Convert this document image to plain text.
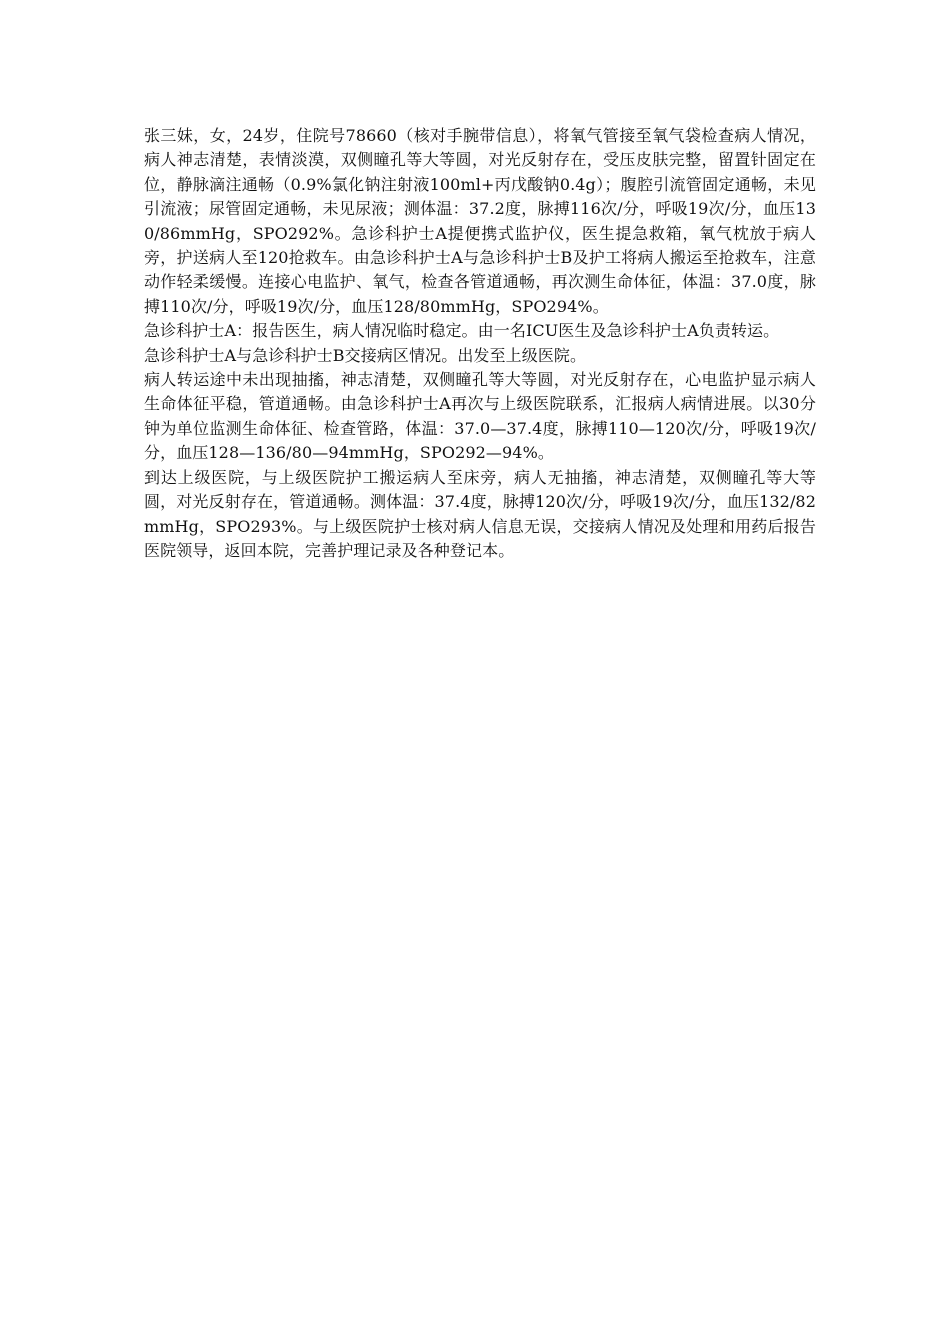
张三妹，女，24岁，住院号78660（核对手腕带信息），将氧气管接至氧气袋检查病人情况，病人神志清楚，表情淡漠，双侧瞳孔等大等圆，对光反射存在，受压皮肤完整，留置针固定在位，静脉滴注通畅（0.9%氯化钠注射液100ml+丙戊酸钠0.4g）；腹腔引流管固定通畅，未见引流液；尿管固定通畅，未见尿液；测体温：37.2度，脉搏116次/分，呼吸19次/分，血压130/86mmHg，SPO292%。急诊科护士A提便携式监护仪，医生提急救箱，氧气枕放于病人旁，护送病人至120抢救车。由急诊科护士A与急诊科护士B及护工将病人搬运至抢救车，注意动作轻柔缓慢。连接心电监护、氧气，检查各管道通畅，再次测生命体征，体温：37.0度，脉搏110次/分，呼吸19次/分，血压128/80mmHg，SPO294%。

急诊科护士A：报告医生，病人情况临时稳定。由一名ICU医生及急诊科护士A负责转运。

急诊科护士A与急诊科护士B交接病区情况。出发至上级医院。

病人转运途中未出现抽搐，神志清楚，双侧瞳孔等大等圆，对光反射存在，心电监护显示病人生命体征平稳，管道通畅。由急诊科护士A再次与上级医院联系，汇报病人病情进展。以30分钟为单位监测生命体征、检查管路，体温：37.0—37.4度，脉搏110—120次/分，呼吸19次/分，血压128—136/80—94mmHg，SPO292—94%。

到达上级医院，与上级医院护工搬运病人至床旁，病人无抽搐，神志清楚，双侧瞳孔等大等圆，对光反射存在，管道通畅。测体温：37.4度，脉搏120次/分，呼吸19次/分，血压132/82mmHg，SPO293%。与上级医院护士核对病人信息无误，交接病人情况及处理和用药后报告医院领导，返回本院，完善护理记录及各种登记本。
